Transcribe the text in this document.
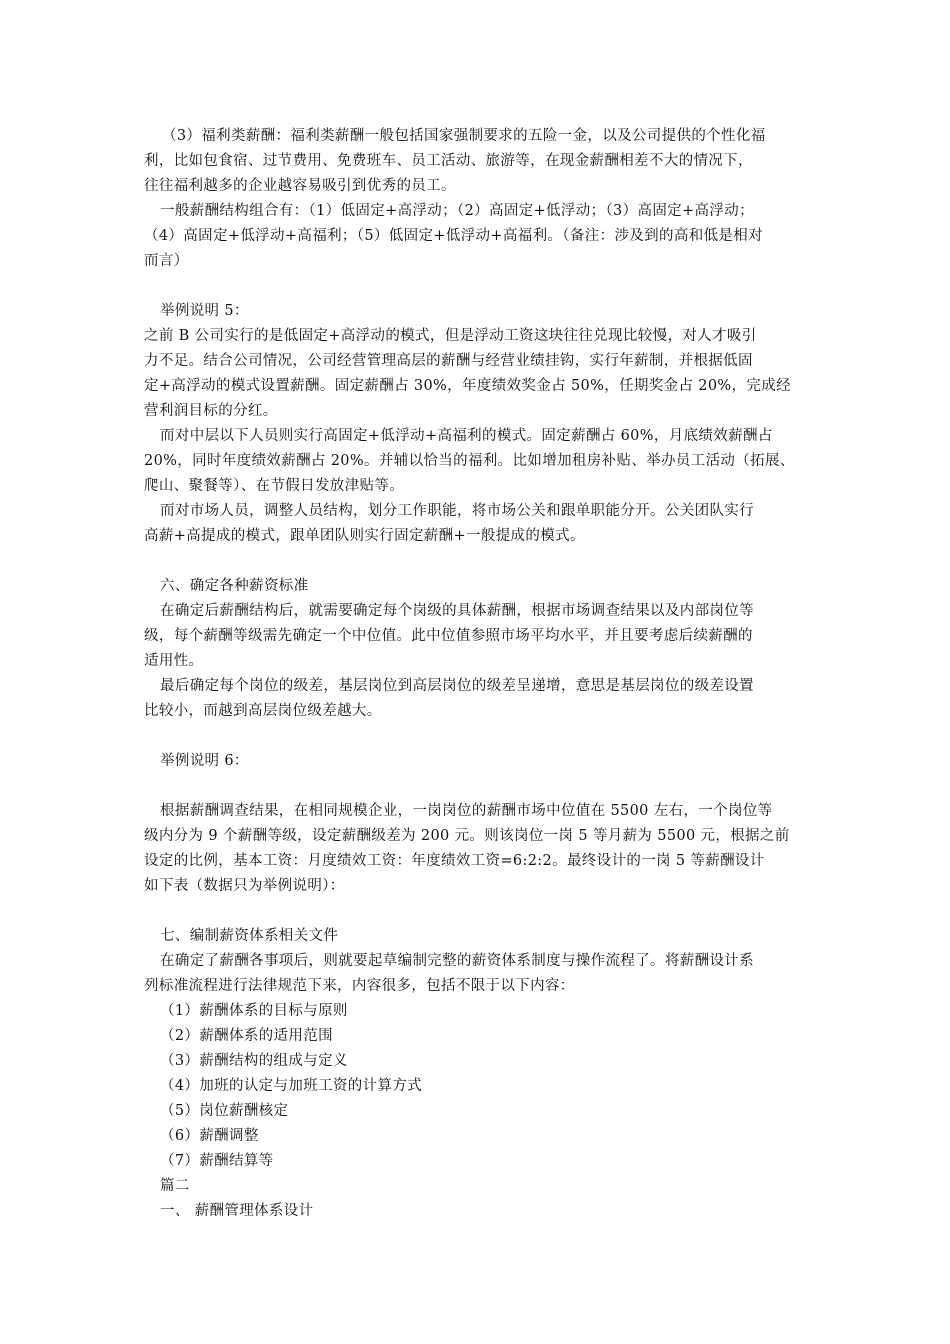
（3）福利类薪酬：福利类薪酬一般包括国家强制要求的五险一金，以及公司提供的个性化福
利，比如包食宿、过节费用、免费班车、员工活动、旅游等，在现金薪酬相差不大的情况下，
往往福利越多的企业越容易吸引到优秀的员工。
一般薪酬结构组合有：（1）低固定+高浮动；（2）高固定+低浮动；（3）高固定+高浮动；
（4）高固定+低浮动+高福利；（5）低固定+低浮动+高福利。（备注：涉及到的高和低是相对
而言）
举例说明 5：
之前 B 公司实行的是低固定+高浮动的模式，但是浮动工资这块往往兑现比较慢，对人才吸引
力不足。结合公司情况，公司经营管理高层的薪酬与经营业绩挂钩，实行年薪制，并根据低固
定+高浮动的模式设置薪酬。固定薪酬占 30%，年度绩效奖金占 50%，任期奖金占 20%，完成经
营利润目标的分红。
而对中层以下人员则实行高固定+低浮动+高福利的模式。固定薪酬占 60%，月底绩效薪酬占
20%，同时年度绩效薪酬占 20%。并辅以恰当的福利。比如增加租房补贴、举办员工活动（拓展、
爬山、聚餐等）、在节假日发放津贴等。
而对市场人员，调整人员结构，划分工作职能，将市场公关和跟单职能分开。公关团队实行
高薪+高提成的模式，跟单团队则实行固定薪酬+一般提成的模式。
六、确定各种薪资标准
在确定后薪酬结构后，就需要确定每个岗级的具体薪酬，根据市场调查结果以及内部岗位等
级，每个薪酬等级需先确定一个中位值。此中位值参照市场平均水平，并且要考虑后续薪酬的
适用性。
最后确定每个岗位的级差，基层岗位到高层岗位的级差呈递增，意思是基层岗位的级差设置
比较小，而越到高层岗位级差越大。
举例说明 6：
根据薪酬调查结果，在相同规模企业，一岗岗位的薪酬市场中位值在 5500 左右，一个岗位等
级内分为 9 个薪酬等级，设定薪酬级差为 200 元。则该岗位一岗 5 等月薪为 5500 元，根据之前
设定的比例，基本工资：月度绩效工资：年度绩效工资=6:2:2。最终设计的一岗 5 等薪酬设计
如下表（数据只为举例说明）：
七、编制薪资体系相关文件
在确定了薪酬各事项后，则就要起草编制完整的薪资体系制度与操作流程了。将薪酬设计系
列标准流程进行法律规范下来，内容很多，包括不限于以下内容：
（1）薪酬体系的目标与原则
（2）薪酬体系的适用范围
（3）薪酬结构的组成与定义
（4）加班的认定与加班工资的计算方式
（5）岗位薪酬核定
（6）薪酬调整
（7）薪酬结算等
篇二
一、 薪酬管理体系设计
